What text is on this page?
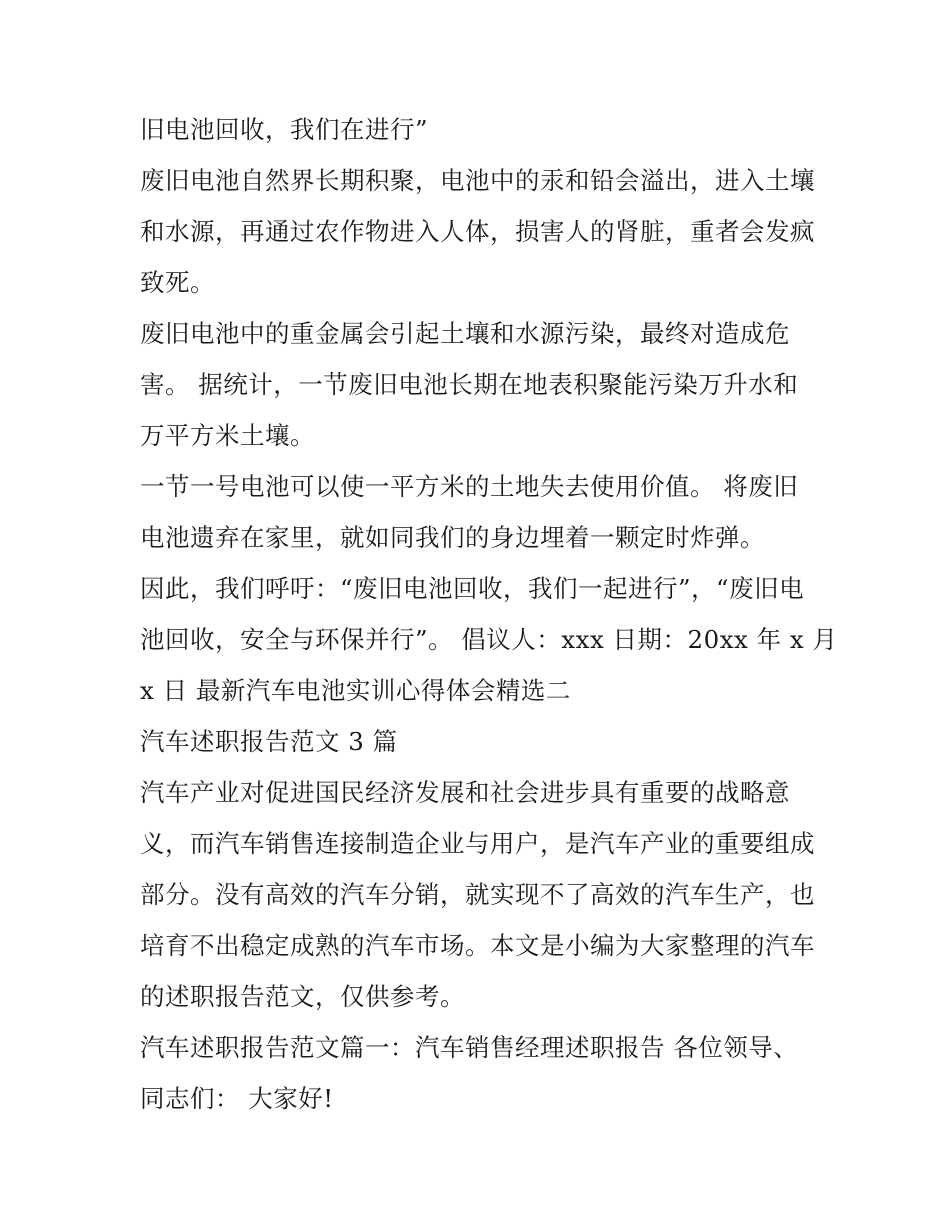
旧电池回收，我们在进行”

废旧电池自然界长期积聚，电池中的汞和铅会溢出，进入土壤

和水源，再通过农作物进入人体，损害人的肾脏，重者会发疯

致死。

废旧电池中的重金属会引起土壤和水源污染，最终对造成危

害。 据统计，一节废旧电池长期在地表积聚能污染万升水和

万平方米土壤。

一节一号电池可以使一平方米的土地失去使用价值。 将废旧

电池遗弃在家里，就如同我们的身边埋着一颗定时炸弹。

因此，我们呼吁：“废旧电池回收，我们一起进行”，“废旧电

池回收，安全与环保并行”。 倡议人：xxx 日期：20xx 年 x 月

x 日 最新汽车电池实训心得体会精选二

汽车述职报告范文 3 篇

汽车产业对促进国民经济发展和社会进步具有重要的战略意

义，而汽车销售连接制造企业与用户，是汽车产业的重要组成

部分。没有高效的汽车分销，就实现不了高效的汽车生产，也

培育不出稳定成熟的汽车市场。本文是小编为大家整理的汽车

的述职报告范文，仅供参考。

汽车述职报告范文篇一：汽车销售经理述职报告 各位领导、

同志们： 大家好!
